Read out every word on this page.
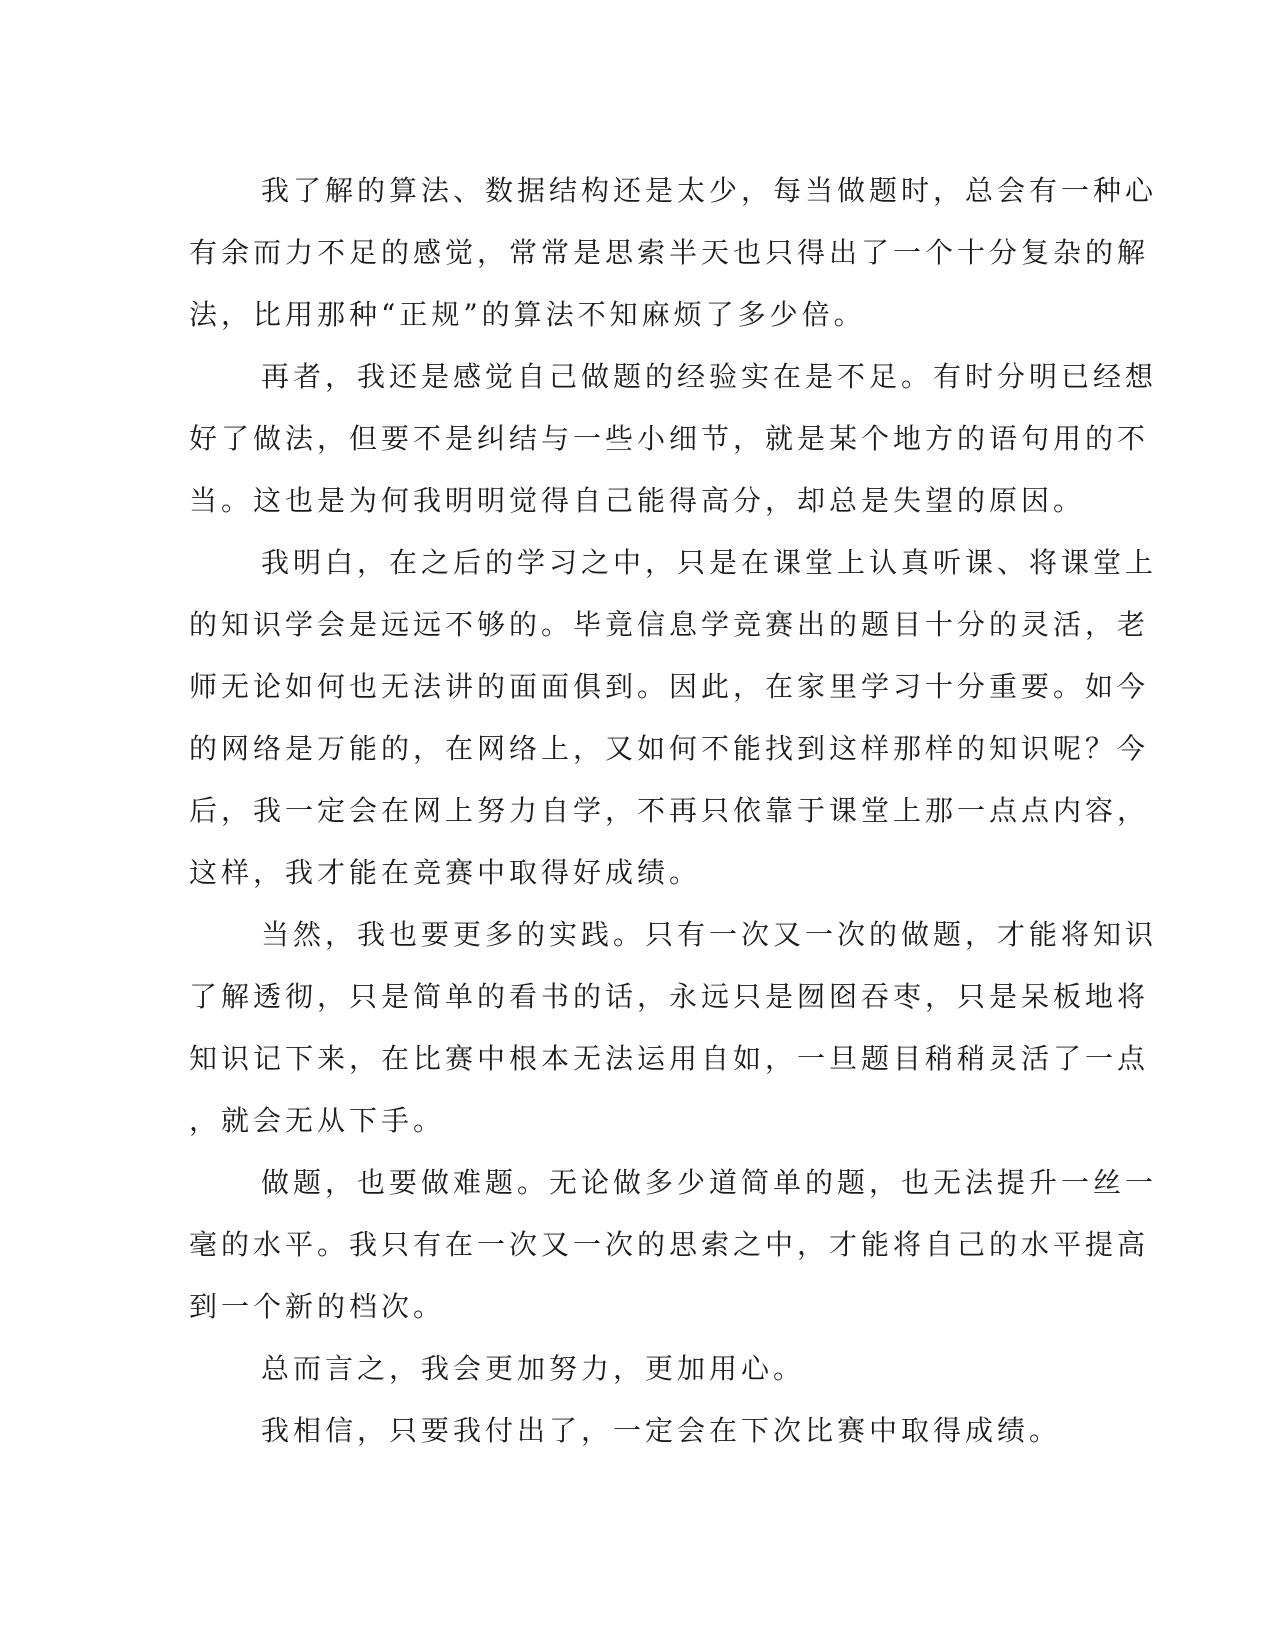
我了解的算法、数据结构还是太少，每当做题时，总会有一种心
有余而力不足的感觉，常常是思索半天也只得出了一个十分复杂的解
法，比用那种“正规”的算法不知麻烦了多少倍。
再者，我还是感觉自己做题的经验实在是不足。有时分明已经想
好了做法，但要不是纠结与一些小细节，就是某个地方的语句用的不
当。这也是为何我明明觉得自己能得高分，却总是失望的原因。
我明白，在之后的学习之中，只是在课堂上认真听课、将课堂上
的知识学会是远远不够的。毕竟信息学竞赛出的题目十分的灵活，老
师无论如何也无法讲的面面俱到。因此，在家里学习十分重要。如今
的网络是万能的，在网络上，又如何不能找到这样那样的知识呢？今
后，我一定会在网上努力自学，不再只依靠于课堂上那一点点内容，
这样，我才能在竞赛中取得好成绩。
当然，我也要更多的实践。只有一次又一次的做题，才能将知识
了解透彻，只是简单的看书的话，永远只是囫囵吞枣，只是呆板地将
知识记下来，在比赛中根本无法运用自如，一旦题目稍稍灵活了一点
，就会无从下手。
做题，也要做难题。无论做多少道简单的题，也无法提升一丝一
毫的水平。我只有在一次又一次的思索之中，才能将自己的水平提高
到一个新的档次。
总而言之，我会更加努力，更加用心。
我相信，只要我付出了，一定会在下次比赛中取得成绩。
